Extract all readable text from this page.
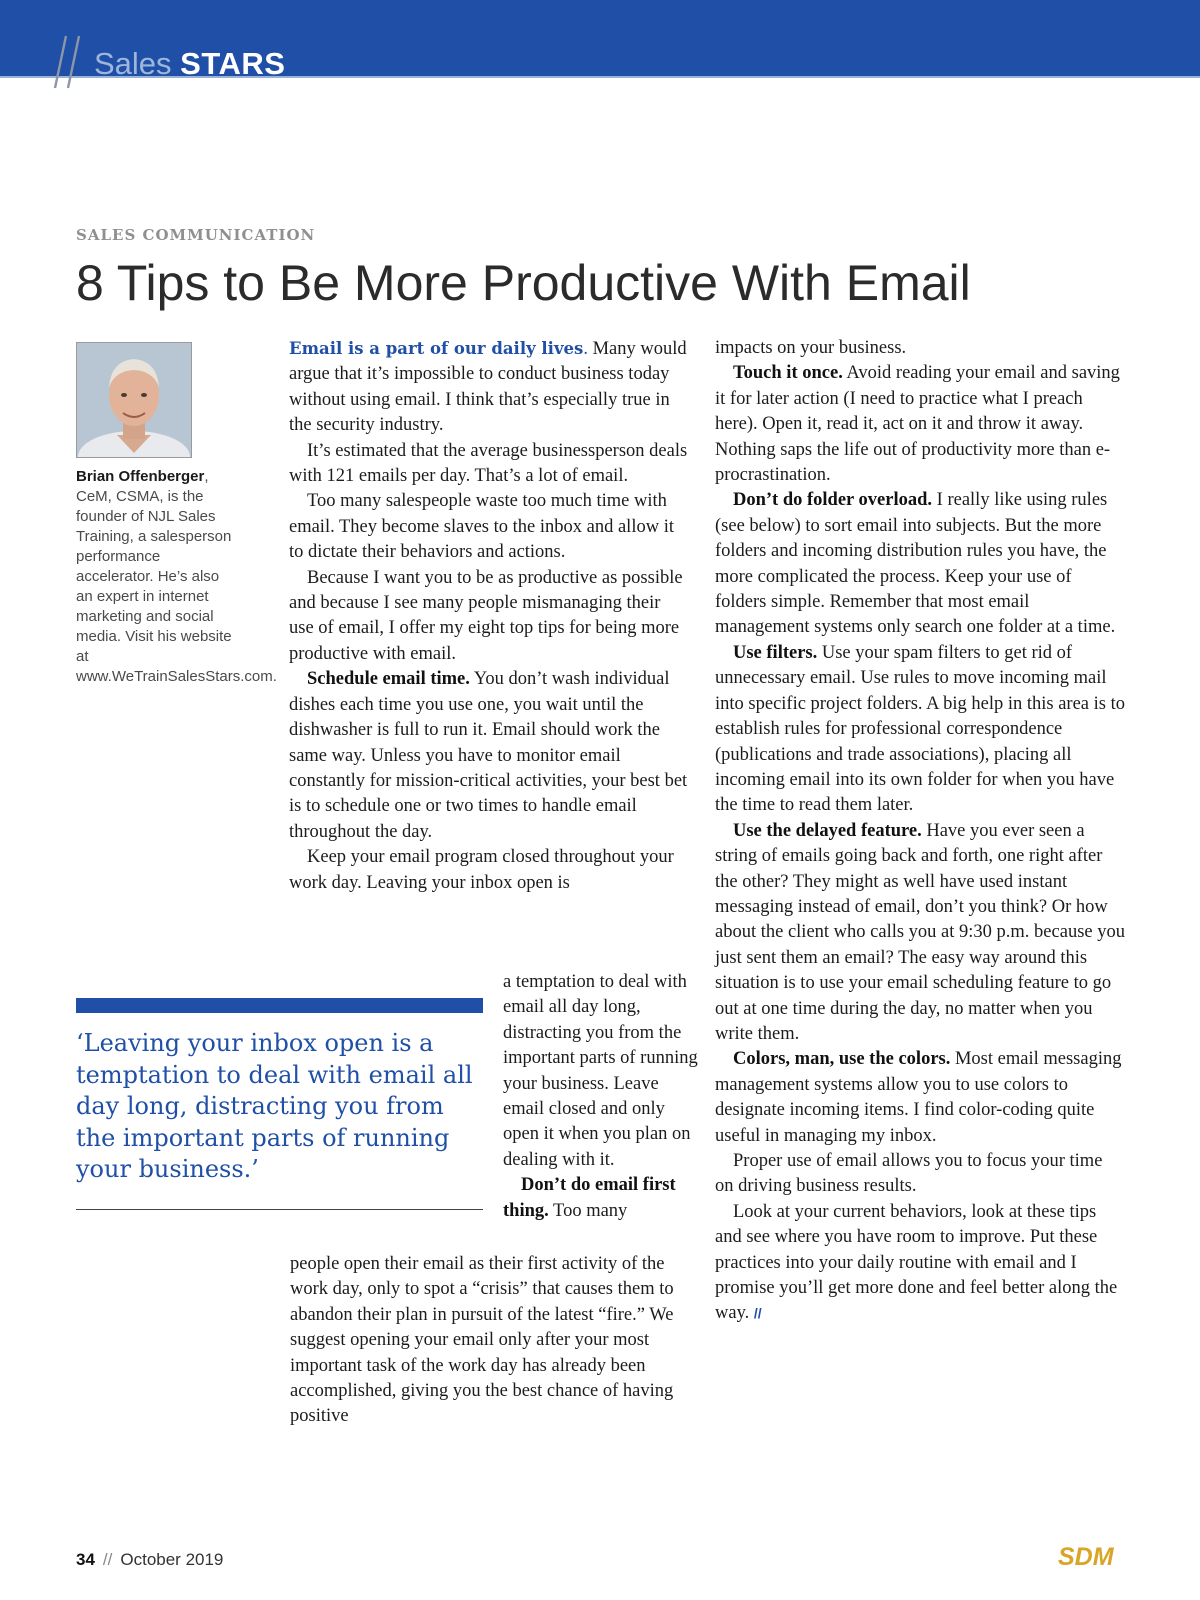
Sales STARS
SALES COMMUNICATION
8 Tips to Be More Productive With Email
Brian Offenberger, CeM, CSMA, is the founder of NJL Sales Training, a salesperson performance accelerator. He’s also an expert in internet marketing and social media. Visit his website at www.WeTrainSalesStars.com.

Email is a part of our daily lives. Many would argue that it’s impossible to conduct business today without using email. I think that’s especially true in the security industry.

It’s estimated that the average businessperson deals with 121 emails per day. That’s a lot of email.

Too many salespeople waste too much time with email. They become slaves to the inbox and allow it to dictate their behaviors and actions.

Because I want you to be as productive as possible and because I see many people mismanaging their use of email, I offer my eight top tips for being more productive with email.

Schedule email time. You don’t wash individual dishes each time you use one, you wait until the dishwasher is full to run it. Email should work the same way. Unless you have to monitor email constantly for mission-critical activities, your best bet is to schedule one or two times to handle email throughout the day.

Keep your email program closed throughout your work day. Leaving your inbox open is

‘Leaving your inbox open is a temptation to deal with email all day long, distracting you from the important parts of running your business.’

a temptation to deal with email all day long, distracting you from the important parts of running your business. Leave email closed and only open it when you plan on dealing with it.

Don’t do email first thing. Too many

people open their email as their first activity of the work day, only to spot a “crisis” that causes them to abandon their plan in pursuit of the latest “fire.” We suggest opening your email only after your most important task of the work day has already been accomplished, giving you the best chance of having positive

impacts on your business.

Touch it once. Avoid reading your email and saving it for later action (I need to practice what I preach here). Open it, read it, act on it and throw it away. Nothing saps the life out of productivity more than e-procrastination.

Don’t do folder overload. I really like using rules (see below) to sort email into subjects. But the more folders and incoming distribution rules you have, the more complicated the process. Keep your use of folders simple. Remember that most email management systems only search one folder at a time.

Use filters. Use your spam filters to get rid of unnecessary email. Use rules to move incoming mail into specific project folders. A big help in this area is to establish rules for professional correspondence (publications and trade associations), placing all incoming email into its own folder for when you have the time to read them later.

Use the delayed feature. Have you ever seen a string of emails going back and forth, one right after the other? They might as well have used instant messaging instead of email, don’t you think? Or how about the client who calls you at 9:30 p.m. because you just sent them an email? The easy way around this situation is to use your email scheduling feature to go out at one time during the day, no matter when you write them.

Colors, man, use the colors. Most email messaging management systems allow you to use colors to designate incoming items. I find color-coding quite useful in managing my inbox.

Proper use of email allows you to focus your time on driving business results.

Look at your current behaviors, look at these tips and see where you have room to improve. Put these practices into your daily routine with email and I promise you’ll get more done and feel better along the way. //

34 // October 2019	SDM
